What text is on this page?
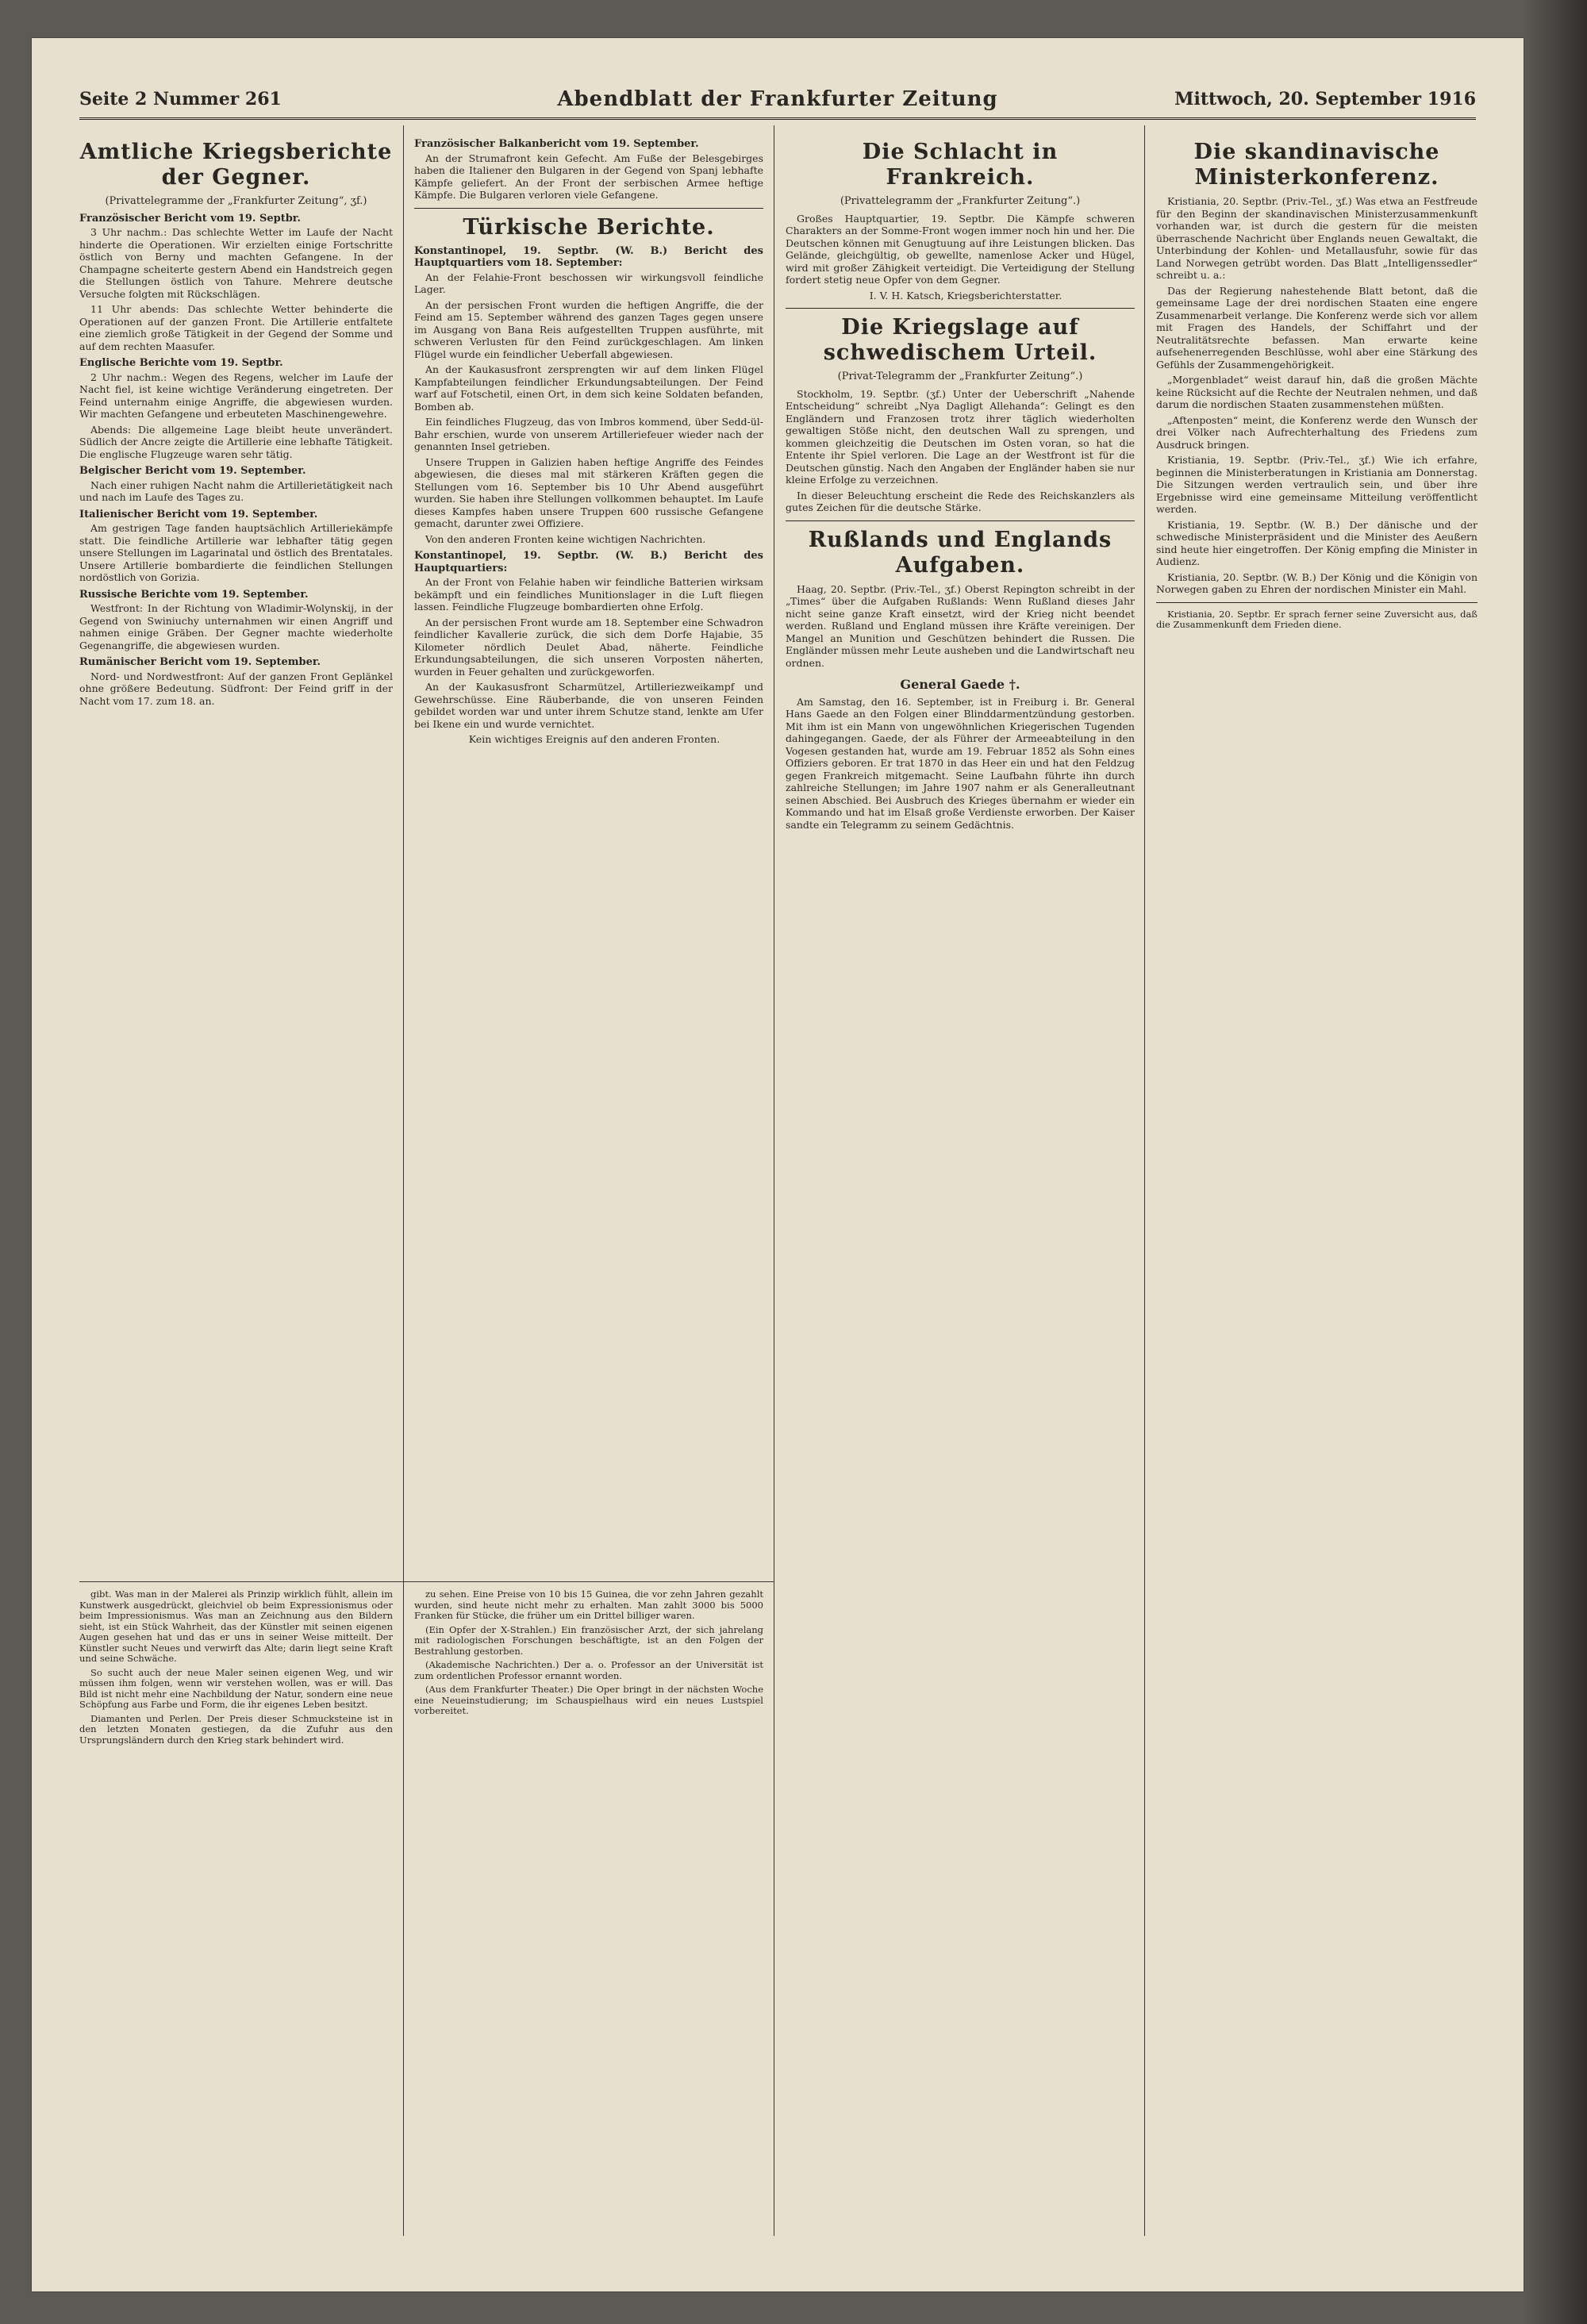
Seite 2 Nummer 261	Abendblatt der Frankfurter Zeitung	Mittwoch, 20. September 1916
Amtliche Kriegsberichte der Gegner.
(Privattelegramme der „Frankfurter Zeitung“, ʒf.)
Französischer Bericht vom 19. Septbr.

3 Uhr nachm.: Das schlechte Wetter im Laufe der Nacht hinderte die Operationen. Wir erzielten einige Fortschritte östlich von Berny und machten Gefangene. In der Champagne scheiterte gestern Abend ein Handstreich gegen die Stellungen östlich von Tahure. Mehrere deutsche Versuche folgten mit Rückschlägen.

11 Uhr abends: Das schlechte Wetter behinderte die Operationen auf der ganzen Front. Die Artillerie entfaltete eine ziemlich große Tätigkeit in der Gegend der Somme und auf dem rechten Maasufer.

Englische Berichte vom 19. Septbr.

2 Uhr nachm.: Wegen des Regens, welcher im Laufe der Nacht fiel, ist keine wichtige Veränderung eingetreten. Der Feind unternahm einige Angriffe, die abgewiesen wurden. Wir machten Gefangene und erbeuteten Maschinengewehre.

Abends: Die allgemeine Lage bleibt heute unverändert. Südlich der Ancre zeigte die Artillerie eine lebhafte Tätigkeit. Die englische Flugzeuge waren sehr tätig.

Belgischer Bericht vom 19. September.

Nach einer ruhigen Nacht nahm die Artillerietätigkeit nach und nach im Laufe des Tages zu.

Italienischer Bericht vom 19. September.

Am gestrigen Tage fanden hauptsächlich Artilleriekämpfe statt. Die feindliche Artillerie war lebhafter tätig gegen unsere Stellungen im Lagarinatal und östlich des Brentatales. Unsere Artillerie bombardierte die feindlichen Stellungen nordöstlich von Gorizia.

Russische Berichte vom 19. September.

Westfront: In der Richtung von Wladimir-Wolynskij, in der Gegend von Swiniuchy unternahmen wir einen Angriff und nahmen einige Gräben. Der Gegner machte wiederholte Gegenangriffe, die abgewiesen wurden.

Rumänischer Bericht vom 19. September.

Nord- und Nordwestfront: Auf der ganzen Front Geplänkel ohne größere Bedeutung. Südfront: Der Feind griff in der Nacht vom 17. zum 18. an.

Französischer Balkanbericht vom 19. September.

An der Strumafront kein Gefecht. Am Fuße der Belesgebirges haben die Italiener den Bulgaren in der Gegend von Spanj lebhafte Kämpfe geliefert. An der Front der serbischen Armee heftige Kämpfe. Die Bulgaren verloren viele Gefangene.

Türkische Berichte.
Konstantinopel, 19. Septbr. (W. B.) Bericht des Hauptquartiers vom 18. September:

An der Felahie-Front beschossen wir wirkungsvoll feindliche Lager.

An der persischen Front wurden die heftigen Angriffe, die der Feind am 15. September während des ganzen Tages gegen unsere im Ausgang von Bana Reis aufgestellten Truppen ausführte, mit schweren Verlusten für den Feind zurückgeschlagen. Am linken Flügel wurde ein feindlicher Ueberfall abgewiesen.

An der Kaukasusfront zersprengten wir auf dem linken Flügel Kampfabteilungen feindlicher Erkundungsabteilungen. Der Feind warf auf Fotschetil, einen Ort, in dem sich keine Soldaten befanden, Bomben ab.

Ein feindliches Flugzeug, das von Imbros kommend, über Sedd-ül-Bahr erschien, wurde von unserem Artilleriefeuer wieder nach der genannten Insel getrieben.

Unsere Truppen in Galizien haben heftige Angriffe des Feindes abgewiesen, die dieses mal mit stärkeren Kräften gegen die Stellungen vom 16. September bis 10 Uhr Abend ausgeführt wurden. Sie haben ihre Stellungen vollkommen behauptet. Im Laufe dieses Kampfes haben unsere Truppen 600 russische Gefangene gemacht, darunter zwei Offiziere.

Von den anderen Fronten keine wichtigen Nachrichten.

Konstantinopel, 19. Septbr. (W. B.) Bericht des Hauptquartiers:

An der Front von Felahie haben wir feindliche Batterien wirksam bekämpft und ein feindliches Munitionslager in die Luft fliegen lassen. Feindliche Flugzeuge bombardierten ohne Erfolg.

An der persischen Front wurde am 18. September eine Schwadron feindlicher Kavallerie zurück, die sich dem Dorfe Hajabie, 35 Kilometer nördlich Deulet Abad, näherte. Feindliche Erkundungsabteilungen, die sich unseren Vorposten näherten, wurden in Feuer gehalten und zurückgeworfen.

An der Kaukasusfront Scharmützel, Artilleriezweikampf und Gewehrschüsse. Eine Räuberbande, die von unseren Feinden gebildet worden war und unter ihrem Schutze stand, lenkte am Ufer bei Ikene ein und wurde vernichtet.

Kein wichtiges Ereignis auf den anderen Fronten.

Die Schlacht in Frankreich.
(Privattelegramm der „Frankfurter Zeitung“.)

Großes Hauptquartier, 19. Septbr. Die Kämpfe schweren Charakters an der Somme-Front wogen immer noch hin und her. Die Deutschen können mit Genugtuung auf ihre Leistungen blicken. Das Gelände, gleichgültig, ob gewellte, namenlose Acker und Hügel, wird mit großer Zähigkeit verteidigt. Die Verteidigung der Stellung fordert stetig neue Opfer von dem Gegner.

I. V. H. Katsch, Kriegsberichterstatter.

Die Kriegslage auf schwedischem Urteil.
(Privat-Telegramm der „Frankfurter Zeitung“.)

Stockholm, 19. Septbr. (ʒf.) Unter der Ueberschrift „Nahende Entscheidung“ schreibt „Nya Dagligt Allehanda“: Gelingt es den Engländern und Franzosen trotz ihrer täglich wiederholten gewaltigen Stöße nicht, den deutschen Wall zu sprengen, und kommen gleichzeitig die Deutschen im Osten voran, so hat die Entente ihr Spiel verloren. Die Lage an der Westfront ist für die Deutschen günstig. Nach den Angaben der Engländer haben sie nur kleine Erfolge zu verzeichnen.

In dieser Beleuchtung erscheint die Rede des Reichskanzlers als gutes Zeichen für die deutsche Stärke.

Rußlands und Englands Aufgaben.

Haag, 20. Septbr. (Priv.-Tel., ʒf.) Oberst Repington schreibt in der „Times“ über die Aufgaben Rußlands: Wenn Rußland dieses Jahr nicht seine ganze Kraft einsetzt, wird der Krieg nicht beendet werden. Rußland und England müssen ihre Kräfte vereinigen. Der Mangel an Munition und Geschützen behindert die Russen. Die Engländer müssen mehr Leute ausheben und die Landwirtschaft neu ordnen.

General Gaede †.

Am Samstag, den 16. September, ist in Freiburg i. Br. General Hans Gaede an den Folgen einer Blinddarmentzündung gestorben. Mit ihm ist ein Mann von ungewöhnlichen Kriegerischen Tugenden dahingegangen. Gaede, der als Führer der Armeeabteilung in den Vogesen gestanden hat, wurde am 19. Februar 1852 als Sohn eines Offiziers geboren. Er trat 1870 in das Heer ein und hat den Feldzug gegen Frankreich mitgemacht. Seine Laufbahn führte ihn durch zahlreiche Stellungen; im Jahre 1907 nahm er als Generalleutnant seinen Abschied. Bei Ausbruch des Krieges übernahm er wieder ein Kommando und hat im Elsaß große Verdienste erworben. Der Kaiser sandte ein Telegramm zu seinem Gedächtnis.

Die skandinavische Ministerkonferenz.

Kristiania, 20. Septbr. (Priv.-Tel., ʒf.) Was etwa an Festfreude für den Beginn der skandinavischen Ministerzusammenkunft vorhanden war, ist durch die gestern für die meisten überraschende Nachricht über Englands neuen Gewaltakt, die Unterbindung der Kohlen- und Metallausfuhr, sowie für das Land Norwegen getrübt worden. Das Blatt „Intelligenssedler“ schreibt u. a.:

Das der Regierung nahestehende Blatt betont, daß die gemeinsame Lage der drei nordischen Staaten eine engere Zusammenarbeit verlange. Die Konferenz werde sich vor allem mit Fragen des Handels, der Schiffahrt und der Neutralitätsrechte befassen. Man erwarte keine aufsehenerregenden Beschlüsse, wohl aber eine Stärkung des Gefühls der Zusammengehörigkeit.

„Morgenbladet“ weist darauf hin, daß die großen Mächte keine Rücksicht auf die Rechte der Neutralen nehmen, und daß darum die nordischen Staaten zusammenstehen müßten.

„Aftenposten“ meint, die Konferenz werde den Wunsch der drei Völker nach Aufrechterhaltung des Friedens zum Ausdruck bringen.

Kristiania, 19. Septbr. (Priv.-Tel., ʒf.) Wie ich erfahre, beginnen die Ministerberatungen in Kristiania am Donnerstag. Die Sitzungen werden vertraulich sein, und über ihre Ergebnisse wird eine gemeinsame Mitteilung veröffentlicht werden.

Kristiania, 19. Septbr. (W. B.) Der dänische und der schwedische Ministerpräsident und die Minister des Aeußern sind heute hier eingetroffen. Der König empfing die Minister in Audienz.

Kristiania, 20. Septbr. (W. B.) Der König und die Königin von Norwegen gaben zu Ehren der nordischen Minister ein Mahl.

Kristiania, 20. Septbr. Er sprach ferner seine Zuversicht aus, daß die Zusammenkunft dem Frieden diene.

gibt. Was man in der Malerei als Prinzip wirklich fühlt, allein im Kunstwerk ausgedrückt, gleichviel ob beim Expressionismus oder beim Impressionismus. Was man an Zeichnung aus den Bildern sieht, ist ein Stück Wahrheit, das der Künstler mit seinen eigenen Augen gesehen hat und das er uns in seiner Weise mitteilt. Der Künstler sucht Neues und verwirft das Alte; darin liegt seine Kraft und seine Schwäche.

So sucht auch der neue Maler seinen eigenen Weg, und wir müssen ihm folgen, wenn wir verstehen wollen, was er will. Das Bild ist nicht mehr eine Nachbildung der Natur, sondern eine neue Schöpfung aus Farbe und Form, die ihr eigenes Leben besitzt.

Diamanten und Perlen. Der Preis dieser Schmucksteine ist in den letzten Monaten gestiegen, da die Zufuhr aus den Ursprungsländern durch den Krieg stark behindert wird.

zu sehen. Eine Preise von 10 bis 15 Guinea, die vor zehn Jahren gezahlt wurden, sind heute nicht mehr zu erhalten. Man zahlt 3000 bis 5000 Franken für Stücke, die früher um ein Drittel billiger waren.

(Ein Opfer der X-Strahlen.) Ein französischer Arzt, der sich jahrelang mit radiologischen Forschungen beschäftigte, ist an den Folgen der Bestrahlung gestorben.

(Akademische Nachrichten.) Der a. o. Professor an der Universität ist zum ordentlichen Professor ernannt worden.

(Aus dem Frankfurter Theater.) Die Oper bringt in der nächsten Woche eine Neueinstudierung; im Schauspielhaus wird ein neues Lustspiel vorbereitet.
